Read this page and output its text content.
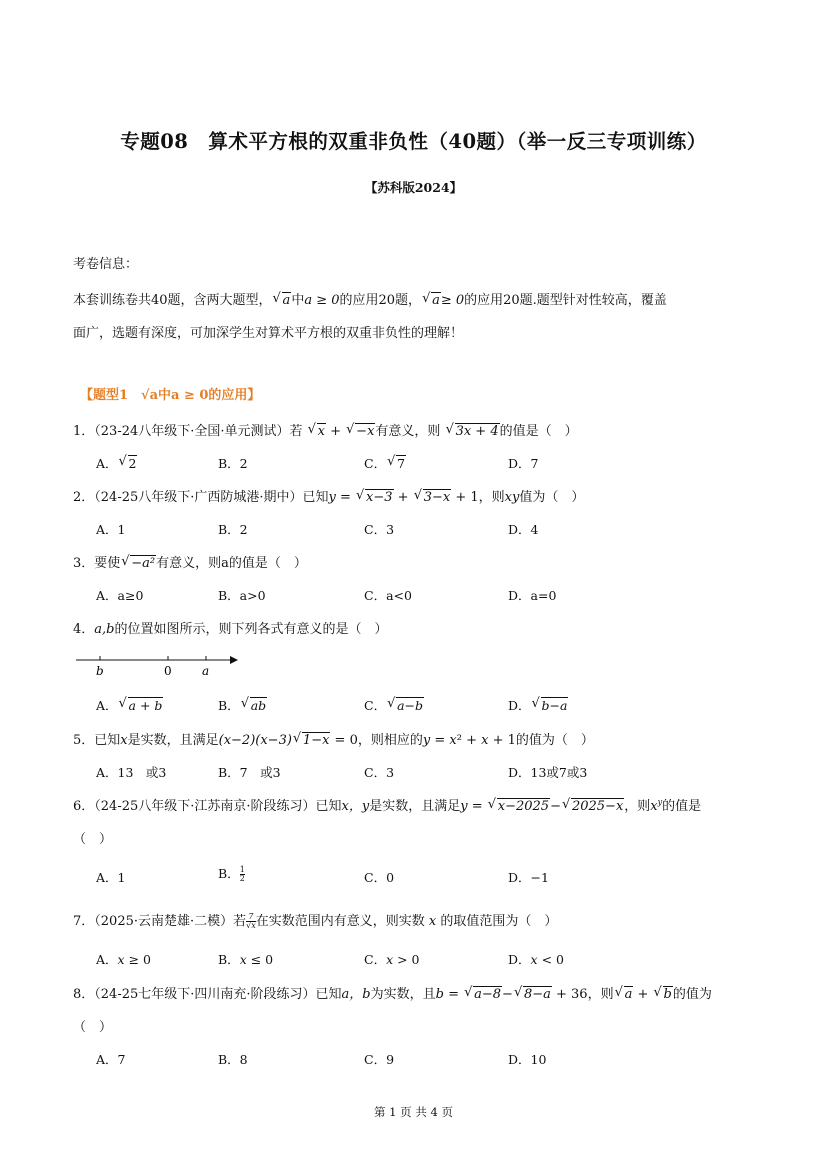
专题08　算术平方根的双重非负性（40题）（举一反三专项训练）
【苏科版2024】
考卷信息：
本套训练卷共40题，含两大题型， √ a中a ≥ 0的应用20题， √ a≥ 0的应用20题.题型针对性较高，覆盖
面广，选题有深度，可加深学生对算术平方根的双重非负性的理解！
【题型1　√a中a ≥ 0的应用】
1．（23-24八年级下·全国·单元测试）若 √ x + √ −x有意义，则 √ 3x + 4的值是（　）
A． √ 2	B．2	C． √ 7	D．7
2．（24-25八年级下·广西防城港·期中）已知y = √ x−3 + √ 3−x + 1，则xy值为（　）
A．1	B．2	C．3	D．4
3．要使 √ −a²有意义，则a的值是（　）
A．a≥0	B．a>0	C．a<0	D．a=0
4．a,b的位置如图所示，则下列各式有意义的是（　）
b	0	a
A． √ a + b	B． √ ab	C． √ a−b	D． √ b−a
5．已知x是实数，且满足(x−2)(x−3) √ 1−x = 0，则相应的y = x² + x + 1的值为（　）
A．13　或3	B．7　或3	C．3	D．13或7或3
6．（24-25八年级下·江苏南京·阶段练习）已知x，y是实数，且满足y = √ x−2025− √ 2025−x，则$x^y$的值是
（　）
A．1	B． $\frac{1}{2}$	C．0	D．−1
7．（2025·云南楚雄·二模）若 $\frac{7}{√x}$ 在实数范围内有意义，则实数 x 的取值范围为（　）
A．x ≥ 0	B．x ≤ 0	C．x > 0	D．x < 0
8．（24-25七年级下·四川南充·阶段练习）已知a，b为实数，且b = √ a−8− √ 8−a + 36，则 √ a + √ b的值为
（　）
A．7	B．8	C．9	D．10
第 1 页 共 4 页
